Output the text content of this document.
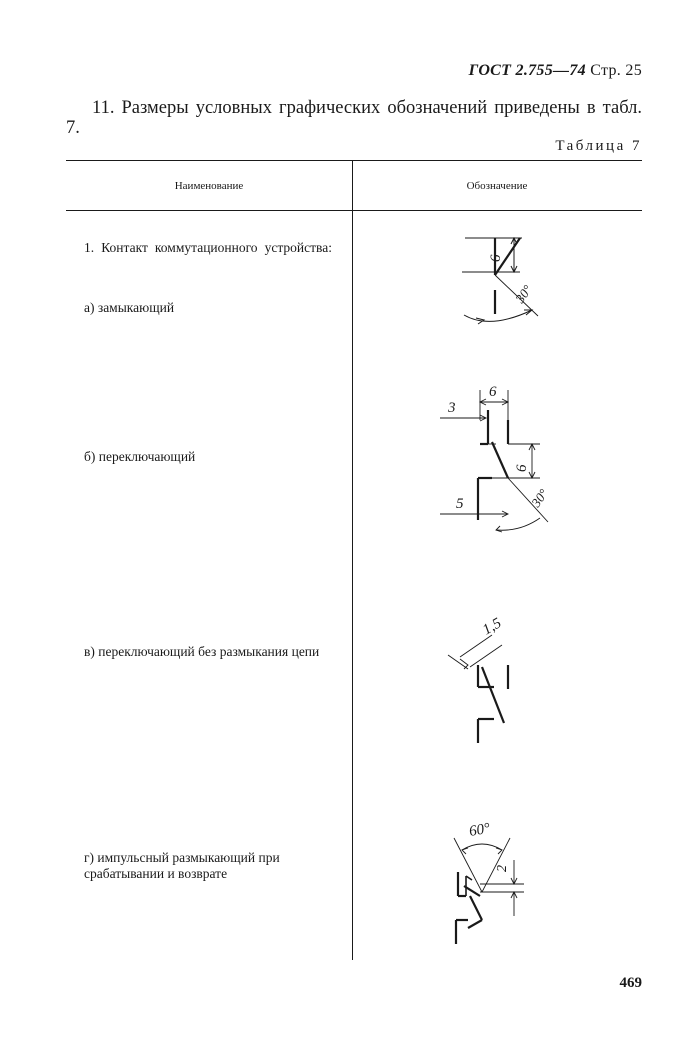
ГОСТ 2.755—74 Стр. 25
11. Размеры условных графических обозначений приведены в табл. 7.
Таблица 7
Наименование	Обозначение
1. Контакт коммутационного устройства:
а) замыкающий
б) переключающий
в) переключающий без размыкания цепи
г) импульсный размыкающий при срабатывании и возврате
6
30°
3
6
6
5	30°
1,5
60°
2
469
